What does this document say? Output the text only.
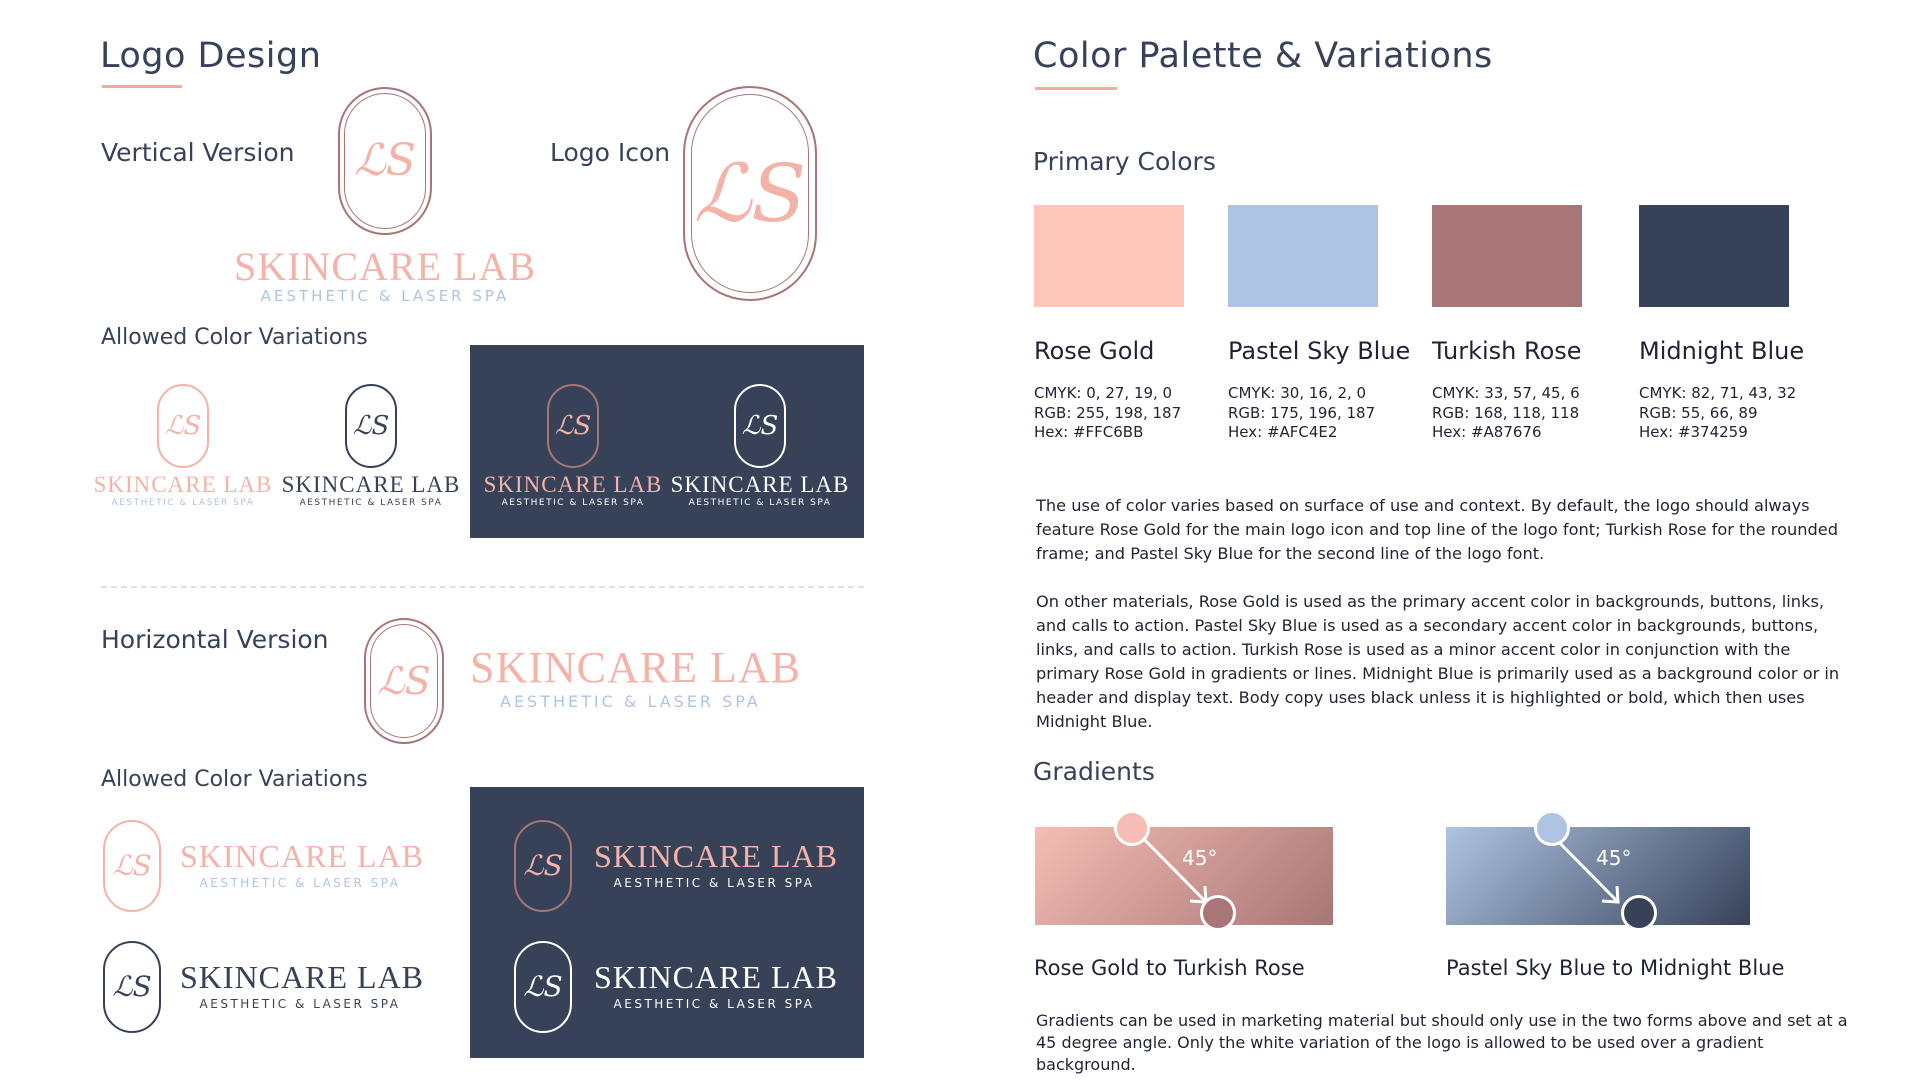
Logo Design
Vertical Version ℒS
SKINCARE LAB
AESTHETIC & LASER SPA
Logo Icon ℒS
Allowed Color Variations
ℒS
SKINCARE LAB
AESTHETIC & LASER SPA
ℒS
SKINCARE LAB
AESTHETIC & LASER SPA
ℒS
SKINCARE LAB
AESTHETIC & LASER SPA
ℒS
SKINCARE LAB
AESTHETIC & LASER SPA
Horizontal Version
ℒS SKINCARE LAB
AESTHETIC & LASER SPA
Allowed Color Variations
ℒS SKINCARE LAB
AESTHETIC & LASER SPA
ℒS SKINCARE LAB
AESTHETIC & LASER SPA
ℒS SKINCARE LAB
AESTHETIC & LASER SPA
ℒS SKINCARE LAB
AESTHETIC & LASER SPA
Color Palette & Variations
Primary Colors
Rose Gold
CMYK: 0, 27, 19, 0
RGB: 255, 198, 187
Hex: #FFC6BB
Pastel Sky Blue
CMYK: 30, 16, 2, 0
RGB: 175, 196, 187
Hex: #AFC4E2
Turkish Rose
CMYK: 33, 57, 45, 6
RGB: 168, 118, 118
Hex: #A87676
Midnight Blue
CMYK: 82, 71, 43, 32
RGB: 55, 66, 89
Hex: #374259
The use of color varies based on surface of use and context. By default, the logo should always feature Rose Gold for the main logo icon and top line of the logo font; Turkish Rose for the rounded frame; and Pastel Sky Blue for the second line of the logo font.
On other materials, Rose Gold is used as the primary accent color in backgrounds, buttons, links, and calls to action. Pastel Sky Blue is used as a secondary accent color in backgrounds, buttons, links, and calls to action. Turkish Rose is used as a minor accent color in conjunction with the primary Rose Gold in gradients or lines. Midnight Blue is primarily used as a background color or in header and display text. Body copy uses black unless it is highlighted or bold, which then uses Midnight Blue.
Gradients
45°
Rose Gold to Turkish Rose
45°
Pastel Sky Blue to Midnight Blue
Gradients can be used in marketing material but should only use in the two forms above and set at a 45 degree angle. Only the white variation of the logo is allowed to be used over a gradient background.
